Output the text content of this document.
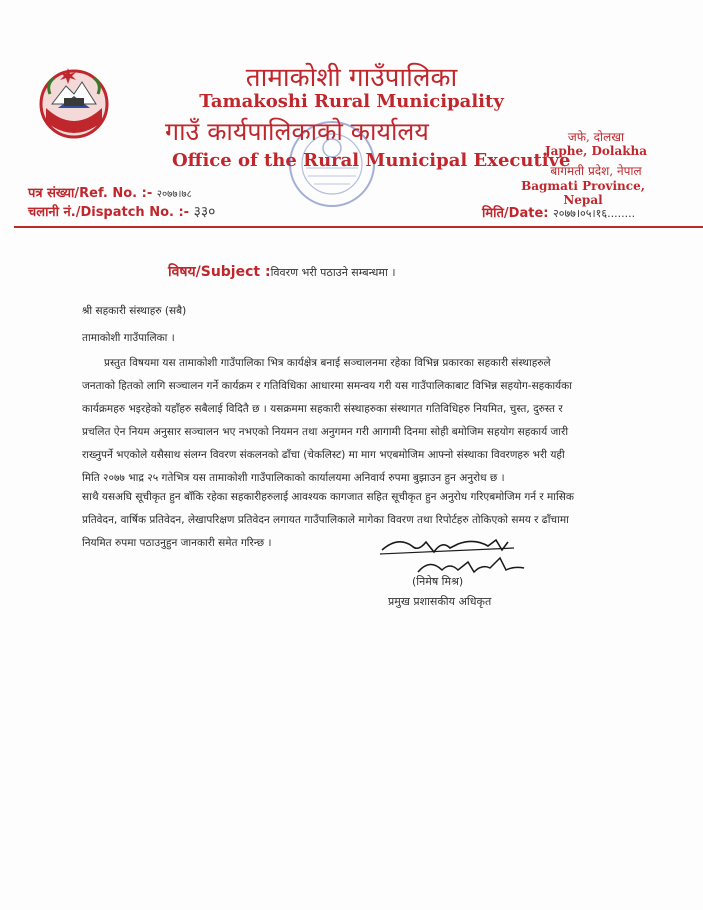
तामाकोशी गाउँपालिका
Tamakoshi Rural Municipality
गाउँ कार्यपालिकाको कार्यालय
Office of the Rural Municipal Executive
जफे, दोलखा
Japhe, Dolakha
बागमती प्रदेश, नेपाल
Bagmati Province, Nepal
पत्र संख्या/Ref. No. :- २०७७।७८
चलानी नं./Dispatch No. :- ३३०	मिति/Date: २०७७।०५।१६........
विषय/Subject :विवरण भरी पठाउने सम्बन्धमा ।
श्री सहकारी संस्थाहरु (सबै)
तामाकोशी गाउँपालिका ।
प्रस्तुत विषयमा यस तामाकोशी गाउँपालिका भित्र कार्यक्षेत्र बनाई सञ्चालनमा रहेका विभिन्न प्रकारका सहकारी संस्थाहरुले
जनताको हितको लागि सञ्चालन गर्ने कार्यक्रम र गतिविधिका आधारमा समन्वय गरी यस गाउँपालिकाबाट विभिन्न सहयोग-सहकार्यका
कार्यक्रमहरु भइरहेको यहाँहरु सबैलाई विदितै छ । यसक्रममा सहकारी संस्थाहरुका संस्थागत गतिविधिहरु नियमित, चुस्त, दुरुस्त र
प्रचलित ऐन नियम अनुसार सञ्चालन भए नभएको नियमन तथा अनुगमन गरी आगामी दिनमा सोही बमोजिम सहयोग सहकार्य जारी
राख्नुपर्ने भएकोले यसैसाथ संलग्न विवरण संकलनको ढाँचा (चेकलिस्ट) मा माग भएबमोजिम आफ्नो संस्थाका विवरणहरु भरी यही
मिति २०७७ भाद्र २५ गतेभित्र यस तामाकोशी गाउँपालिकाको कार्यालयमा अनिवार्य रुपमा बुझाउन हुन अनुरोध छ ।
साथै यसअघि सूचीकृत हुन बाँकि रहेका सहकारीहरुलाई आवश्यक कागजात सहित सूचीकृत हुन अनुरोध गरिएबमोजिम गर्न र मासिक
प्रतिवेदन, वार्षिक प्रतिवेदन, लेखापरिक्षण प्रतिवेदन लगायत गाउँपालिकाले मागेका विवरण तथा रिपोर्टहरु तोकिएको समय र ढाँचामा
नियमित रुपमा पठाउनुहुन जानकारी समेत गरिन्छ ।
(निमेष मिश्र)
प्रमुख प्रशासकीय अधिकृत
